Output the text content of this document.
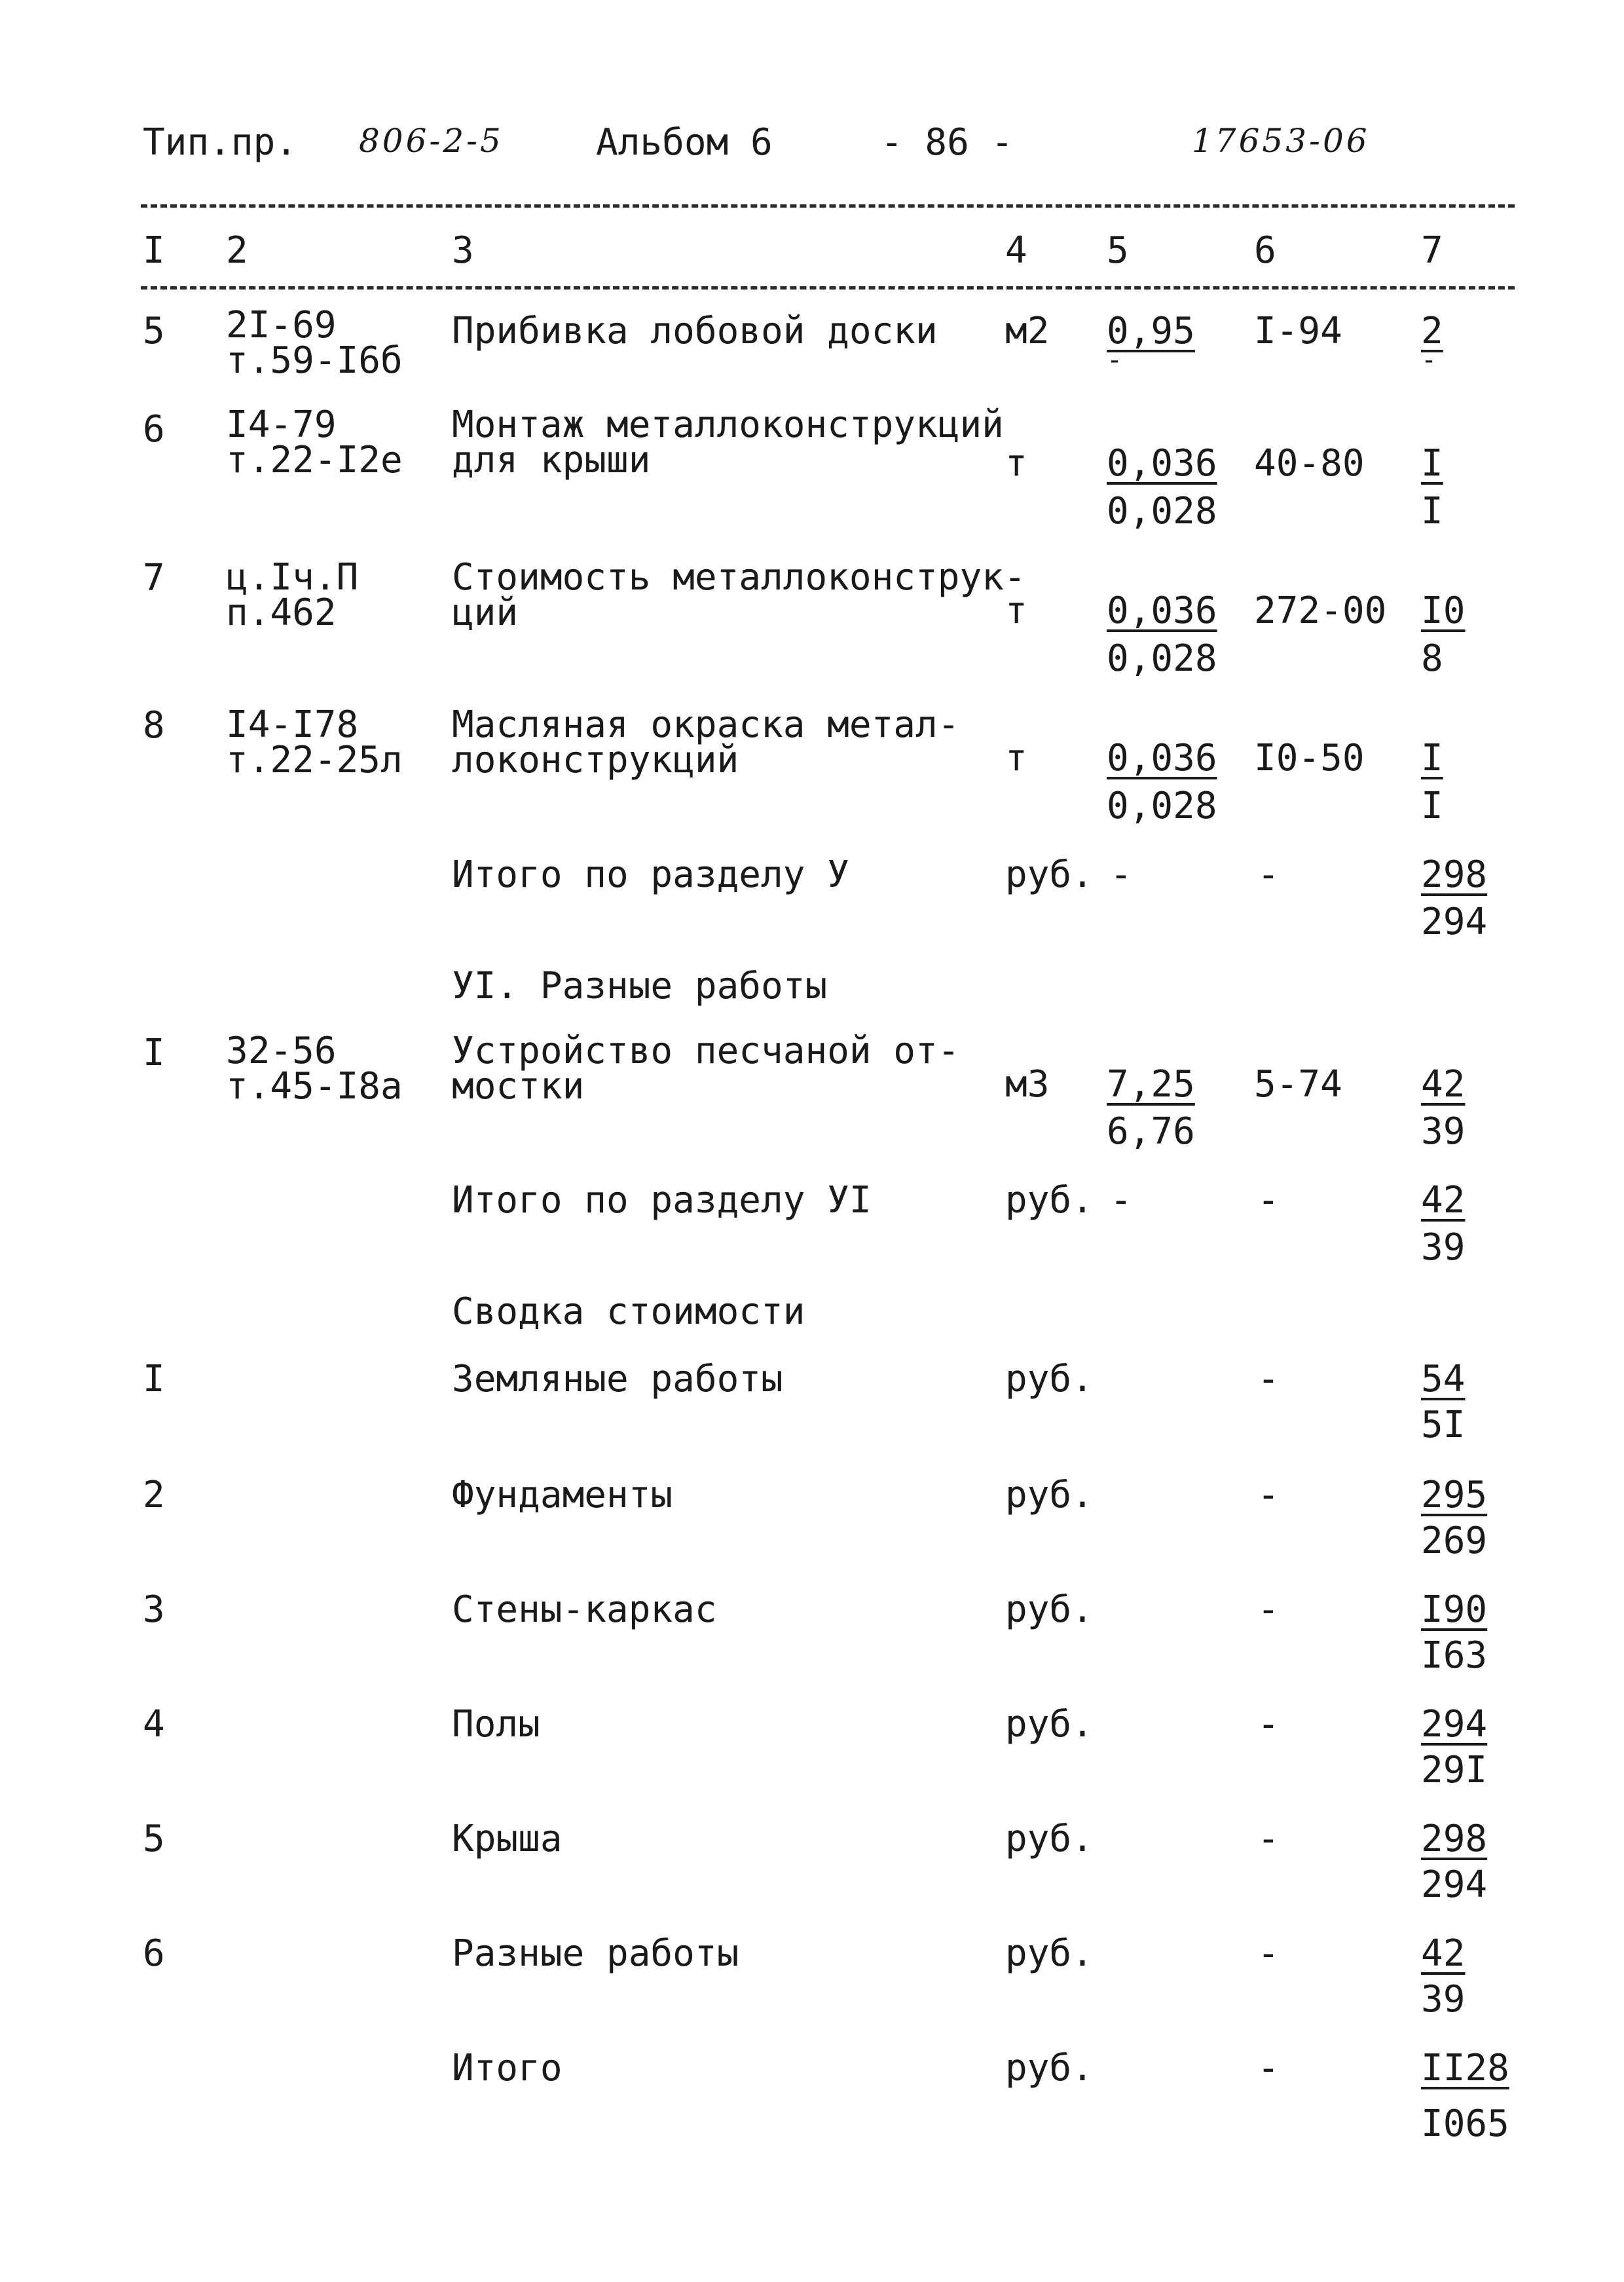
Тип.пр. 806-2-5	Альбом 6	- 86 -	17653-06
I 2	3	4 5	6	7
5 2I-69
т.59-I6б
Прибивка лобовой доски м2 0,95
-
I-94 2
-
6 I4-79
т.22-I2е
Монтаж металлоконструкций
для крыши	т 0,036
0,028
40-80 I
I
7 ц.Iч.П
п.462
Стоимость металлоконструк-
ций	т 0,036
0,028
272-00 I0
8
8 I4-I78
т.22-25л
Масляная окраска метал-
локонструкций	т 0,036
0,028
I0-50 I
I
Итого по разделу У	руб. -	-	298
294
УI. Разные работы
I 32-56
т.45-I8а
Устройство песчаной от-
мостки	м3 7,25
6,76
5-74 42
39
Итого по разделу УI	руб. -	-	42
39
Сводка стоимости
I	Земляные работы	руб.	-	54
5I
2	Фундаменты	руб.	-	295
269
3	Стены-каркас	руб.	-	I90
I63
4	Полы	руб.	-	294
29I
5	Крыша	руб.	-	298
294
6	Разные работы	руб.	-	42
39
Итого	руб.	-	II28
I065
